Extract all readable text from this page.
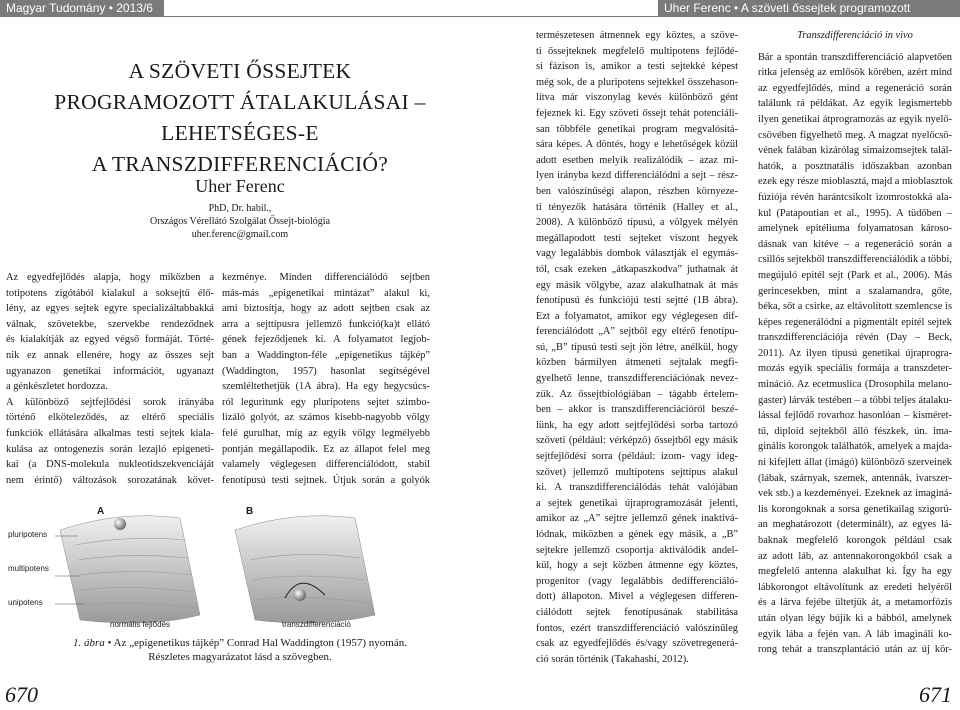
Magyar Tudomány • 2013/6
A SZÖVETI ŐSSEJTEK
PROGRAMOZOTT ÁTALAKULÁSAI –
LEHETSÉGES-E
A TRANSZDIFFERENCIÁCIÓ?
Uher Ferenc
PhD, Dr. habil.,
Országos Vérellátó Szolgálat Őssejt-biológia
uher.ferenc@gmail.com
Az egyedfejlődés alapja, hogy miközben a
totipotens zigótából kialakul a soksejtű élő-
lény, az egyes sejtek egyre specializáltabbakká
válnak, szövetekbe, szervekbe rendeződnek
és kialakítják az egyed végső formáját. Törté-
nik ez annak ellenére, hogy az összes sejt
ugyanazon genetikai információt, ugyanazt
a génkészletet hordozza.
A különböző sejtfejlődési sorok irányába
történő elköteleződés, az eltérő speciális
funkciók ellátására alkalmas testi sejtek kiala-
kulása az ontogenezis során lezajló epigeneti-
kai (a DNS-molekula nukleotidszekvenciáját
nem érintő) változások sorozatának követ-
kezménye. Minden differenciálódó sejtben
más-más „epigenetikai mintázat” alakul ki,
ami biztosítja, hogy az adott sejtben csak az
arra a sejttípusra jellemző funkció(ka)t ellátó
gének fejeződjenek ki. A folyamatot legjob-
ban a Waddington-féle „epigenetikus tájkép”
(Waddington, 1957) hasonlat segítségével
szemléltethetjük (1A ábra). Ha egy hegycsúcs-
ról leguritunk egy pluripotens sejtet szimbo-
lizáló golyót, az számos kisebb-nagyobb völgy
felé gurulhat, míg az egyik völgy legmélyebb
pontján megállapodik. Ez az állapot felel meg
valamely véglegesen differenciálódott, stabil
fenotípusú testi sejtnek. Útjuk során a golyók
A	B
pluripotens
multipotens
unipotens
normális fejlődés	transzdifferenciáció
1. ábra • Az „epigenetikus tájkép” Conrad Hal Waddington (1957) nyomán.
Részletes magyarázatot lásd a szövegben.
670
Uher Ferenc • A szöveti őssejtek programozott átalakulásai…
természetesen átmennek egy köztes, a szöve-
ti őssejteknek megfelelő multipotens fejlődé-
si fázison is, amikor a testi sejtekké képest
még sok, de a pluripotens sejtekkel összehason-
lítva már viszonylag kevés különböző gént
fejeznek ki. Egy szöveti őssejt tehát potenciáli-
san többféle genetikai program megvalósítá-
sára képes. A döntés, hogy e lehetőségek közül
adott esetben melyik realizálódik – azaz mi-
lyen irányba kezd differenciálódni a sejt – rész-
ben valószínűségi alapon, részben környeze-
ti tényezők hatására történik (Halley et al.,
2008). A különböző típusú, a völgyek mélyén
megállapodott testi sejteket viszont hegyek
vagy legalábbis dombok választják el egymás-
tól, csak ezeken „átkapaszkodva” juthatnak át
egy másik völgybe, azaz alakulhatnak át más
fenotípusú és funkciójú testi sejtté (1B ábra).
Ezt a folyamatot, amikor egy véglegesen dif-
ferenciálódott „A” sejtből egy eltérő fenotípu-
sú, „B” típusú testi sejt jön létre, anélkül, hogy
közben bármilyen átmeneti sejtalak megfi-
gyelhető lenne, transzdifferenciációnak nevez-
zük. Az őssejtbiológiában – tágabb értelem-
ben – akkor is transzdifferenciációról beszé-
lünk, ha egy adott sejtfejlődési sorba tartozó
szöveti (például: vérképző) őssejtből egy másik
sejtfejlődési sorra (például: izom- vagy ideg-
szövet) jellemző multipotens sejttípus alakul
ki. A transzdifferenciálódás tehát valójában
a sejtek genetikai újraprogramozását jelenti,
amikor az „A” sejtre jellemző gének inaktivá-
lódnak, miközben a gének egy másik, a „B”
sejtekre jellemző csoportja aktiválódik andel-
kül, hogy a sejt közben átmenne egy köztes,
progenitor (vagy legalábbis dedifferenciáló-
dott) állapoton. Mivel a véglegesen differen-
ciálódott sejtek fenotípusának stabilitása
fontos, ezért transzdifferenciáció valószínűleg
csak az egyedfejlődés és/vagy szövetregenerá-
ció során történik (Takahashi, 2012).
Transzdifferenciáció in vivo
Bár a spontán transzdifferenciáció alapvetően
ritka jelenség az emlősök körében, azért mind
az egyedfejlődés, mind a regeneráció során
találunk rá példákat. Az egyik legismertebb
ilyen genetikai átprogramozás az egyik nyelő-
csövében figyelhető meg. A magzat nyelőcsö-
vének falában kizárólag simaizomsejtek talál-
hatók, a posztnatális időszakban azonban
ezek egy része mioblasztá, majd a mioblasztok
fúziója révén harántcsíkolt izomrostokká ala-
kul (Patapoutian et al., 1995). A tüdőben –
amelynek epitéliuma folyamatosan károso-
dásnak van kitéve – a regeneráció során a
csillós sejtekből transzdifferenciálódik a többi,
megújuló epitél sejt (Park et al., 2006). Más
gerincesekben, mint a szalamandra, gőte,
béka, sőt a csirke, az eltávolított szemlencse is
képes regenerálódni a pigmentált epitél sejtek
transzdifferenciációja révén (Day – Beck,
2011). Az ilyen típusú genetikai újraprogra-
mozás egyik speciális formája a transzdeter-
mináció. Az ecetmuslica (Drosophila melano-
gaster) lárvák testében – a többi teljes átalaku-
lással fejlődő rovarhoz hasonlóan – kisméret-
tű, diploid sejtekből álló fészkek, ún. ima-
ginális korongok találhatók, amelyek a majda-
ni kifejlett állat (imágó) különböző szerveinek
(lábak, szárnyak, szemek, antennák, ivarszer-
vek stb.) a kezdeményei. Ezeknek az imaginá-
lis korongoknak a sorsa genetikailag szigorú-
an meghatározott (determinált), az egyes lá-
baknak megfelelő korongok például csak
az adott láb, az antennakorongokból csak a
megfelelő antenna alakulhat ki. Így ha egy
lábkorongot eltávolítunk az eredeti helyéről
és a lárva fejébe ültetjük át, a metamorfózis
után olyan légy bújik ki a bábból, amelynek
egyik lába a fején van. A láb imagináli ko-
rong tehát a transzplantáció után az új kör-
671
